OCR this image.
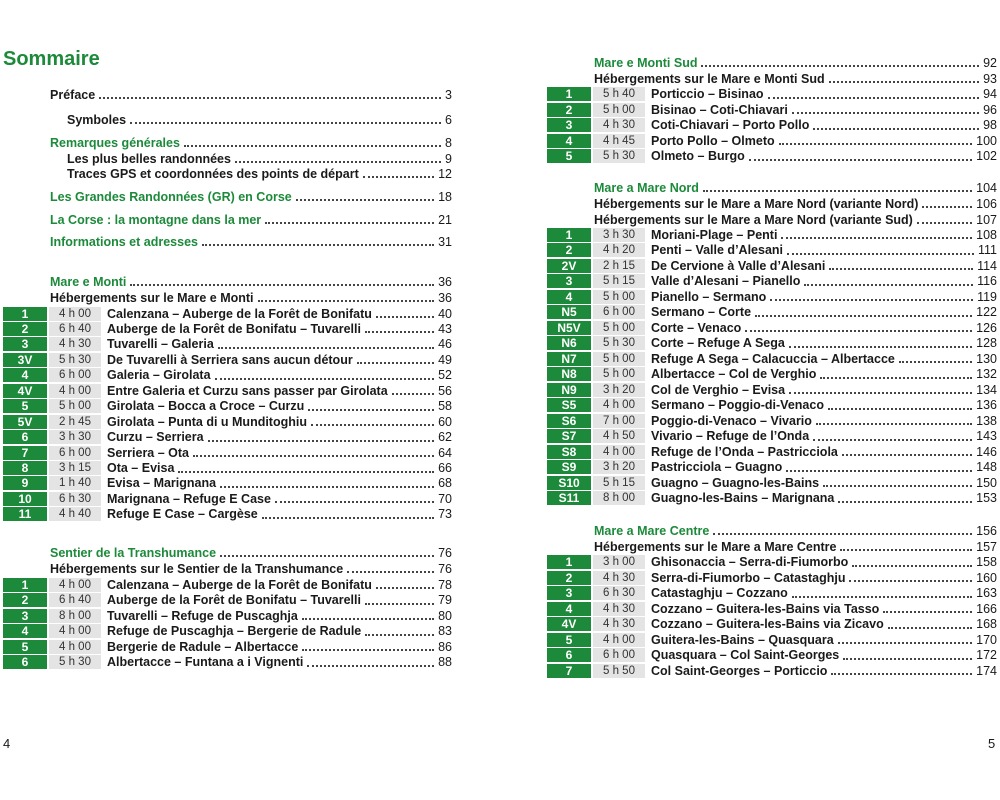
Sommaire
4
Préface	3
Symboles	6
Remarques générales	8
Les plus belles randonnées	9
Traces GPS et coordonnées des points de départ	12
Les Grandes Randonnées (GR) en Corse	18
La Corse : la montagne dans la mer	21
Informations et adresses	31
Mare e Monti	36
Hébergements sur le Mare e Monti	36
1	4 h 00	Calenzana – Auberge de la Forêt de Bonifatu	40
2	6 h 40	Auberge de la Forêt de Bonifatu – Tuvarelli	43
3	4 h 30	Tuvarelli – Galeria	46
3V	5 h 30	De Tuvarelli à Serriera sans aucun détour	49
4	6 h 00	Galeria – Girolata	52
4V	4 h 00	Entre Galeria et Curzu sans passer par Girolata	56
5	5 h 00	Girolata – Bocca a Croce – Curzu	58
5V	2 h 45	Girolata – Punta di u Munditoghiu	60
6	3 h 30	Curzu – Serriera	62
7	6 h 00	Serriera – Ota	64
8	3 h 15	Ota – Evisa	66
9	1 h 40	Evisa – Marignana	68
10	6 h 30	Marignana – Refuge E Case	70
11	4 h 40	Refuge E Case – Cargèse	73
Sentier de la Transhumance	76
Hébergements sur le Sentier de la Transhumance	76
1	4 h 00	Calenzana – Auberge de la Forêt de Bonifatu	78
2	6 h 40	Auberge de la Forêt de Bonifatu – Tuvarelli	79
3	8 h 00	Tuvarelli – Refuge de Puscaghja	80
4	4 h 00	Refuge de Puscaghja – Bergerie de Radule	83
5	4 h 00	Bergerie de Radule – Albertacce	86
6	5 h 30	Albertacce – Funtana a i Vignenti	88
5
Mare e Monti Sud	92
Hébergements sur le Mare e Monti Sud	93
1	5 h 40	Porticcio – Bisinao	94
2	5 h 00	Bisinao – Coti-Chiavari	96
3	4 h 30	Coti-Chiavari – Porto Pollo	98
4	4 h 45	Porto Pollo – Olmeto	100
5	5 h 30	Olmeto – Burgo	102
Mare a Mare Nord	104
Hébergements sur le Mare a Mare Nord (variante Nord)	106
Hébergements sur le Mare a Mare Nord (variante Sud)	107
1	3 h 30	Moriani-Plage – Penti	108
2	4 h 20	Penti – Valle d’Alesani	111
2V	2 h 15	De Cervione à Valle d’Alesani	114
3	5 h 15	Valle d’Alesani – Pianello	116
4	5 h 00	Pianello – Sermano	119
N5	6 h 00	Sermano – Corte	122
N5V	5 h 00	Corte – Venaco	126
N6	5 h 30	Corte – Refuge A Sega	128
N7	5 h 00	Refuge A Sega – Calacuccia – Albertacce	130
N8	5 h 00	Albertacce – Col de Verghio	132
N9	3 h 20	Col de Verghio – Evisa	134
S5	4 h 00	Sermano – Poggio-di-Venaco	136
S6	7 h 00	Poggio-di-Venaco – Vivario	138
S7	4 h 50	Vivario – Refuge de l’Onda	143
S8	4 h 00	Refuge de l’Onda – Pastricciola	146
S9	3 h 20	Pastricciola – Guagno	148
S10	5 h 15	Guagno – Guagno-les-Bains	150
S11	8 h 00	Guagno-les-Bains – Marignana	153
Mare a Mare Centre	156
Hébergements sur le Mare a Mare Centre	157
1	3 h 00	Ghisonaccia – Serra-di-Fiumorbo	158
2	4 h 30	Serra-di-Fiumorbo – Catastaghju	160
3	6 h 30	Catastaghju – Cozzano	163
4	4 h 30	Cozzano – Guitera-les-Bains via Tasso	166
4V	4 h 30	Cozzano – Guitera-les-Bains via Zicavo	168
5	4 h 00	Guitera-les-Bains – Quasquara	170
6	6 h 00	Quasquara – Col Saint-Georges	172
7	5 h 50	Col Saint-Georges – Porticcio	174
